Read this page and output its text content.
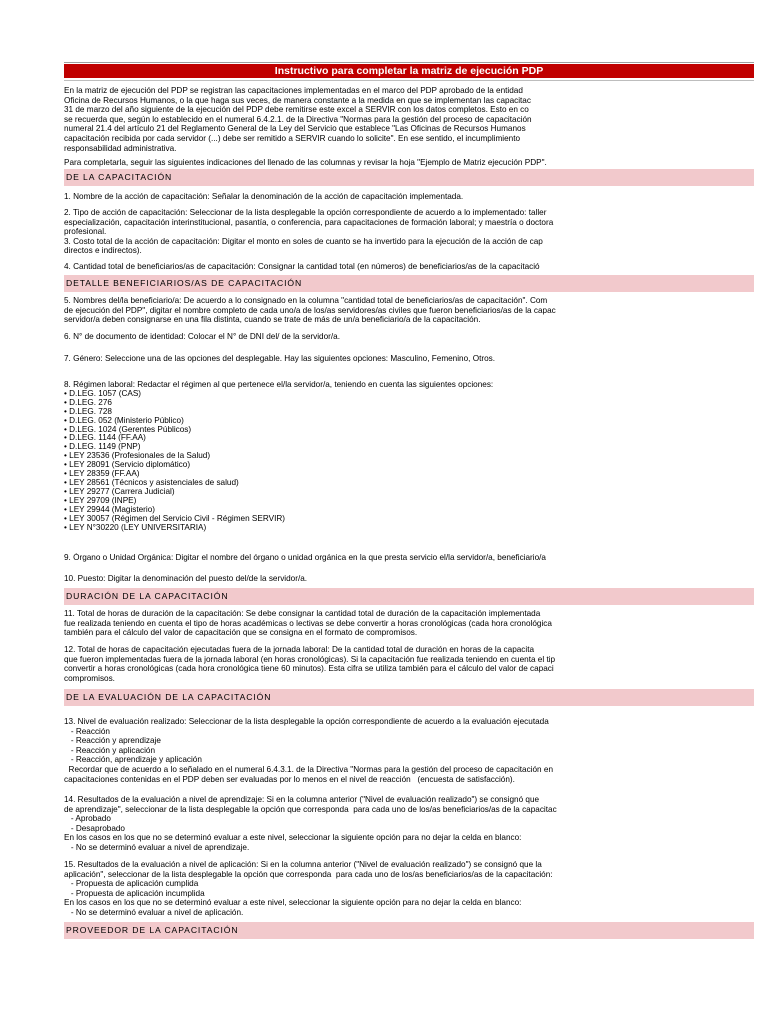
Instructivo para completar la matriz de ejecución PDP
En la matriz de ejecución del PDP se registran las capacitaciones implementadas en el marco del PDP aprobado de la entidad
Oficina de Recursos Humanos, o la que haga sus veces, de manera constante a la medida en que se implementan las capacitac
31 de marzo del año siguiente de la ejecución del PDP debe remitirse este excel a SERVIR con los datos completos. Esto en co
se recuerda que, según lo establecido en el numeral 6.4.2.1. de la Directiva "Normas para la gestión del proceso de capacitación
numeral 21.4 del artículo 21 del Reglamento General de la Ley del Servicio que establece "Las Oficinas de Recursos Humanos
capacitación recibida por cada servidor (...) debe ser remitido a SERVIR cuando lo solicite". En ese sentido, el incumplimiento
responsabilidad administrativa.
Para completarla, seguir las siguientes indicaciones del llenado de las columnas y revisar la hoja "Ejemplo de Matriz ejecución PDP".
DE LA CAPACITACIÓN
1. Nombre de la acción de capacitación: Señalar la denominación de la acción de capacitación implementada.
2. Tipo de acción de capacitación: Seleccionar de la lista desplegable la opción correspondiente de acuerdo a lo implementado: taller
especialización, capacitación interinstitucional, pasantía, o conferencia, para capacitaciones de formación laboral; y maestría o doctora
profesional.
3. Costo total de la acción de capacitación: Digitar el monto en soles de cuanto se ha invertido para la ejecución de la acción de cap
directos e indirectos).
4. Cantidad total de beneficiarios/as de capacitación: Consignar la cantidad total (en números) de beneficiarios/as de la capacitació
DETALLE BENEFICIARIOS/AS DE CAPACITACIÓN
5. Nombres del/la beneficiario/a: De acuerdo a lo consignado en la columna "cantidad total de beneficiarios/as de capacitación". Com
de ejecución del PDP", digitar el nombre completo de cada uno/a de los/as servidores/as civiles que fueron beneficiarios/as de la capac
servidor/a deben consignarse en una fila distinta, cuando se trate de más de un/a beneficiario/a de la capacitación.
6. N° de documento de identidad: Colocar el N° de DNI del/ de la servidor/a.
7. Género: Seleccione una de las opciones del desplegable. Hay las siguientes opciones: Masculino, Femenino, Otros.
8. Régimen laboral: Redactar el régimen al que pertenece el/la servidor/a, teniendo en cuenta las siguientes opciones:
• D.LEG. 1057 (CAS)
• D.LEG. 276
• D.LEG. 728
• D.LEG. 052 (Ministerio Público)
• D.LEG. 1024 (Gerentes Públicos)
• D.LEG. 1144 (FF.AA)
• D.LEG. 1149 (PNP)
• LEY 23536 (Profesionales de la Salud)
• LEY 28091 (Servicio diplomático)
• LEY 28359 (FF.AA)
• LEY 28561 (Técnicos y asistenciales de salud)
• LEY 29277 (Carrera Judicial)
• LEY 29709 (INPE)
• LEY 29944 (Magisterio)
• LEY 30057 (Régimen del Servicio Civil - Régimen SERVIR)
• LEY N°30220 (LEY UNIVERSITARIA)
9. Órgano o Unidad Orgánica: Digitar el nombre del órgano o unidad orgánica en la que presta servicio el/la servidor/a, beneficiario/a
10. Puesto: Digitar la denominación del puesto del/de la servidor/a.
DURACIÓN DE LA CAPACITACIÓN
11. Total de horas de duración de la capacitación: Se debe consignar la cantidad total de duración de la capacitación implementada
fue realizada teniendo en cuenta el tipo de horas académicas o lectivas se debe convertir a horas cronológicas (cada hora cronológica
también para el cálculo del valor de capacitación que se consigna en el formato de compromisos.
12. Total de horas de capacitación ejecutadas fuera de la jornada laboral: De la cantidad total de duración en horas de la capacita
que fueron implementadas fuera de la jornada laboral (en horas cronológicas). Si la capacitación fue realizada teniendo en cuenta el tip
convertir a horas cronológicas (cada hora cronológica tiene 60 minutos). Esta cifra se utiliza también para el cálculo del valor de capaci
compromisos.
DE LA EVALUACIÓN DE LA CAPACITACIÓN
13. Nivel de evaluación realizado: Seleccionar de la lista desplegable la opción correspondiente de acuerdo a la evaluación ejecutada
- Reacción
- Reacción y aprendizaje
- Reacción y aplicación
- Reacción, aprendizaje y aplicación
Recordar que de acuerdo a lo señalado en el numeral 6.4.3.1. de la Directiva "Normas para la gestión del proceso de capacitación en
capacitaciones contenidas en el PDP deben ser evaluadas por lo menos en el nivel de reacción   (encuesta de satisfacción).
14. Resultados de la evaluación a nivel de aprendizaje: Si en la columna anterior ("Nivel de evaluación realizado") se consignó que
de aprendizaje", seleccionar de la lista desplegable la opción que corresponda  para cada uno de los/as beneficiarios/as de la capacitac
- Aprobado
- Desaprobado
En los casos en los que no se determinó evaluar a este nivel, seleccionar la siguiente opción para no dejar la celda en blanco:
- No se determinó evaluar a nivel de aprendizaje.
15. Resultados de la evaluación a nivel de aplicación: Si en la columna anterior ("Nivel de evaluación realizado") se consignó que la
aplicación", seleccionar de la lista desplegable la opción que corresponda  para cada uno de los/as beneficiarios/as de la capacitación:
- Propuesta de aplicación cumplida
- Propuesta de aplicación incumplida
En los casos en los que no se determinó evaluar a este nivel, seleccionar la siguiente opción para no dejar la celda en blanco:
- No se determinó evaluar a nivel de aplicación.
PROVEEDOR DE LA CAPACITACIÓN
